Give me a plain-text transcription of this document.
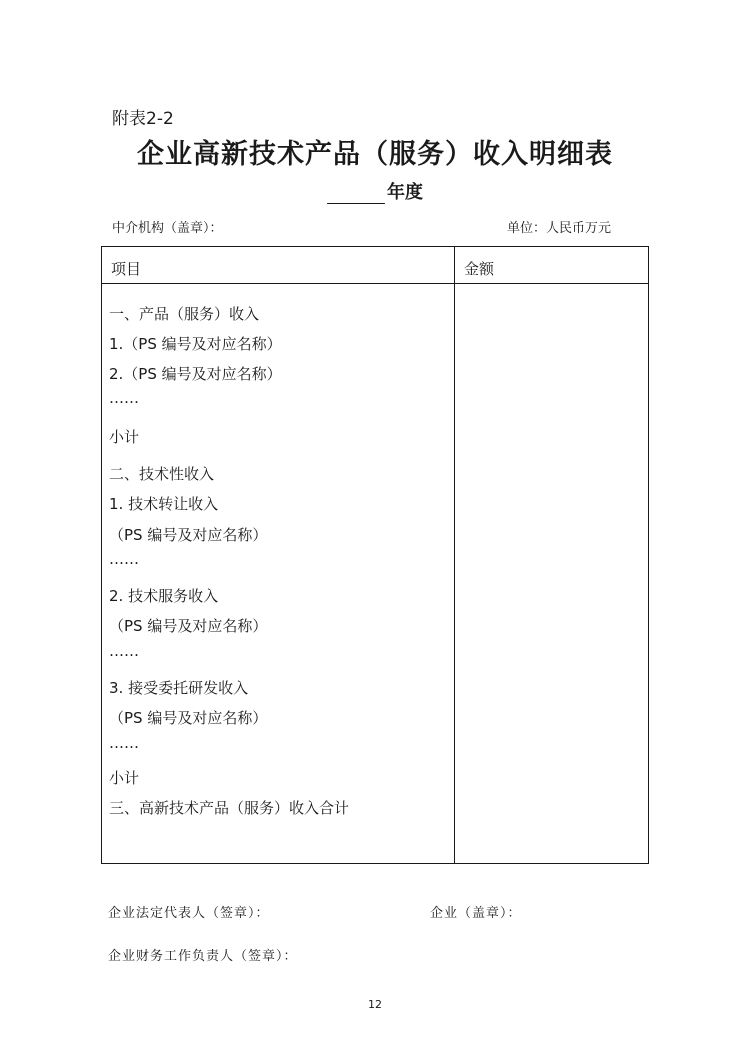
附表2-2
企业高新技术产品（服务）收入明细表
年度
中介机构（盖章）：	单位：人民币万元
项目	金额
一、产品（服务）收入
1.（PS 编号及对应名称）
2.（PS 编号及对应名称）
……
小计
二、技术性收入
1. 技术转让收入
（PS 编号及对应名称）
……
2. 技术服务收入
（PS 编号及对应名称）
……
3. 接受委托研发收入
（PS 编号及对应名称）
……
小计
三、高新技术产品（服务）收入合计
企业法定代表人（签章）：	企业（盖章）：
企业财务工作负责人（签章）：
12
